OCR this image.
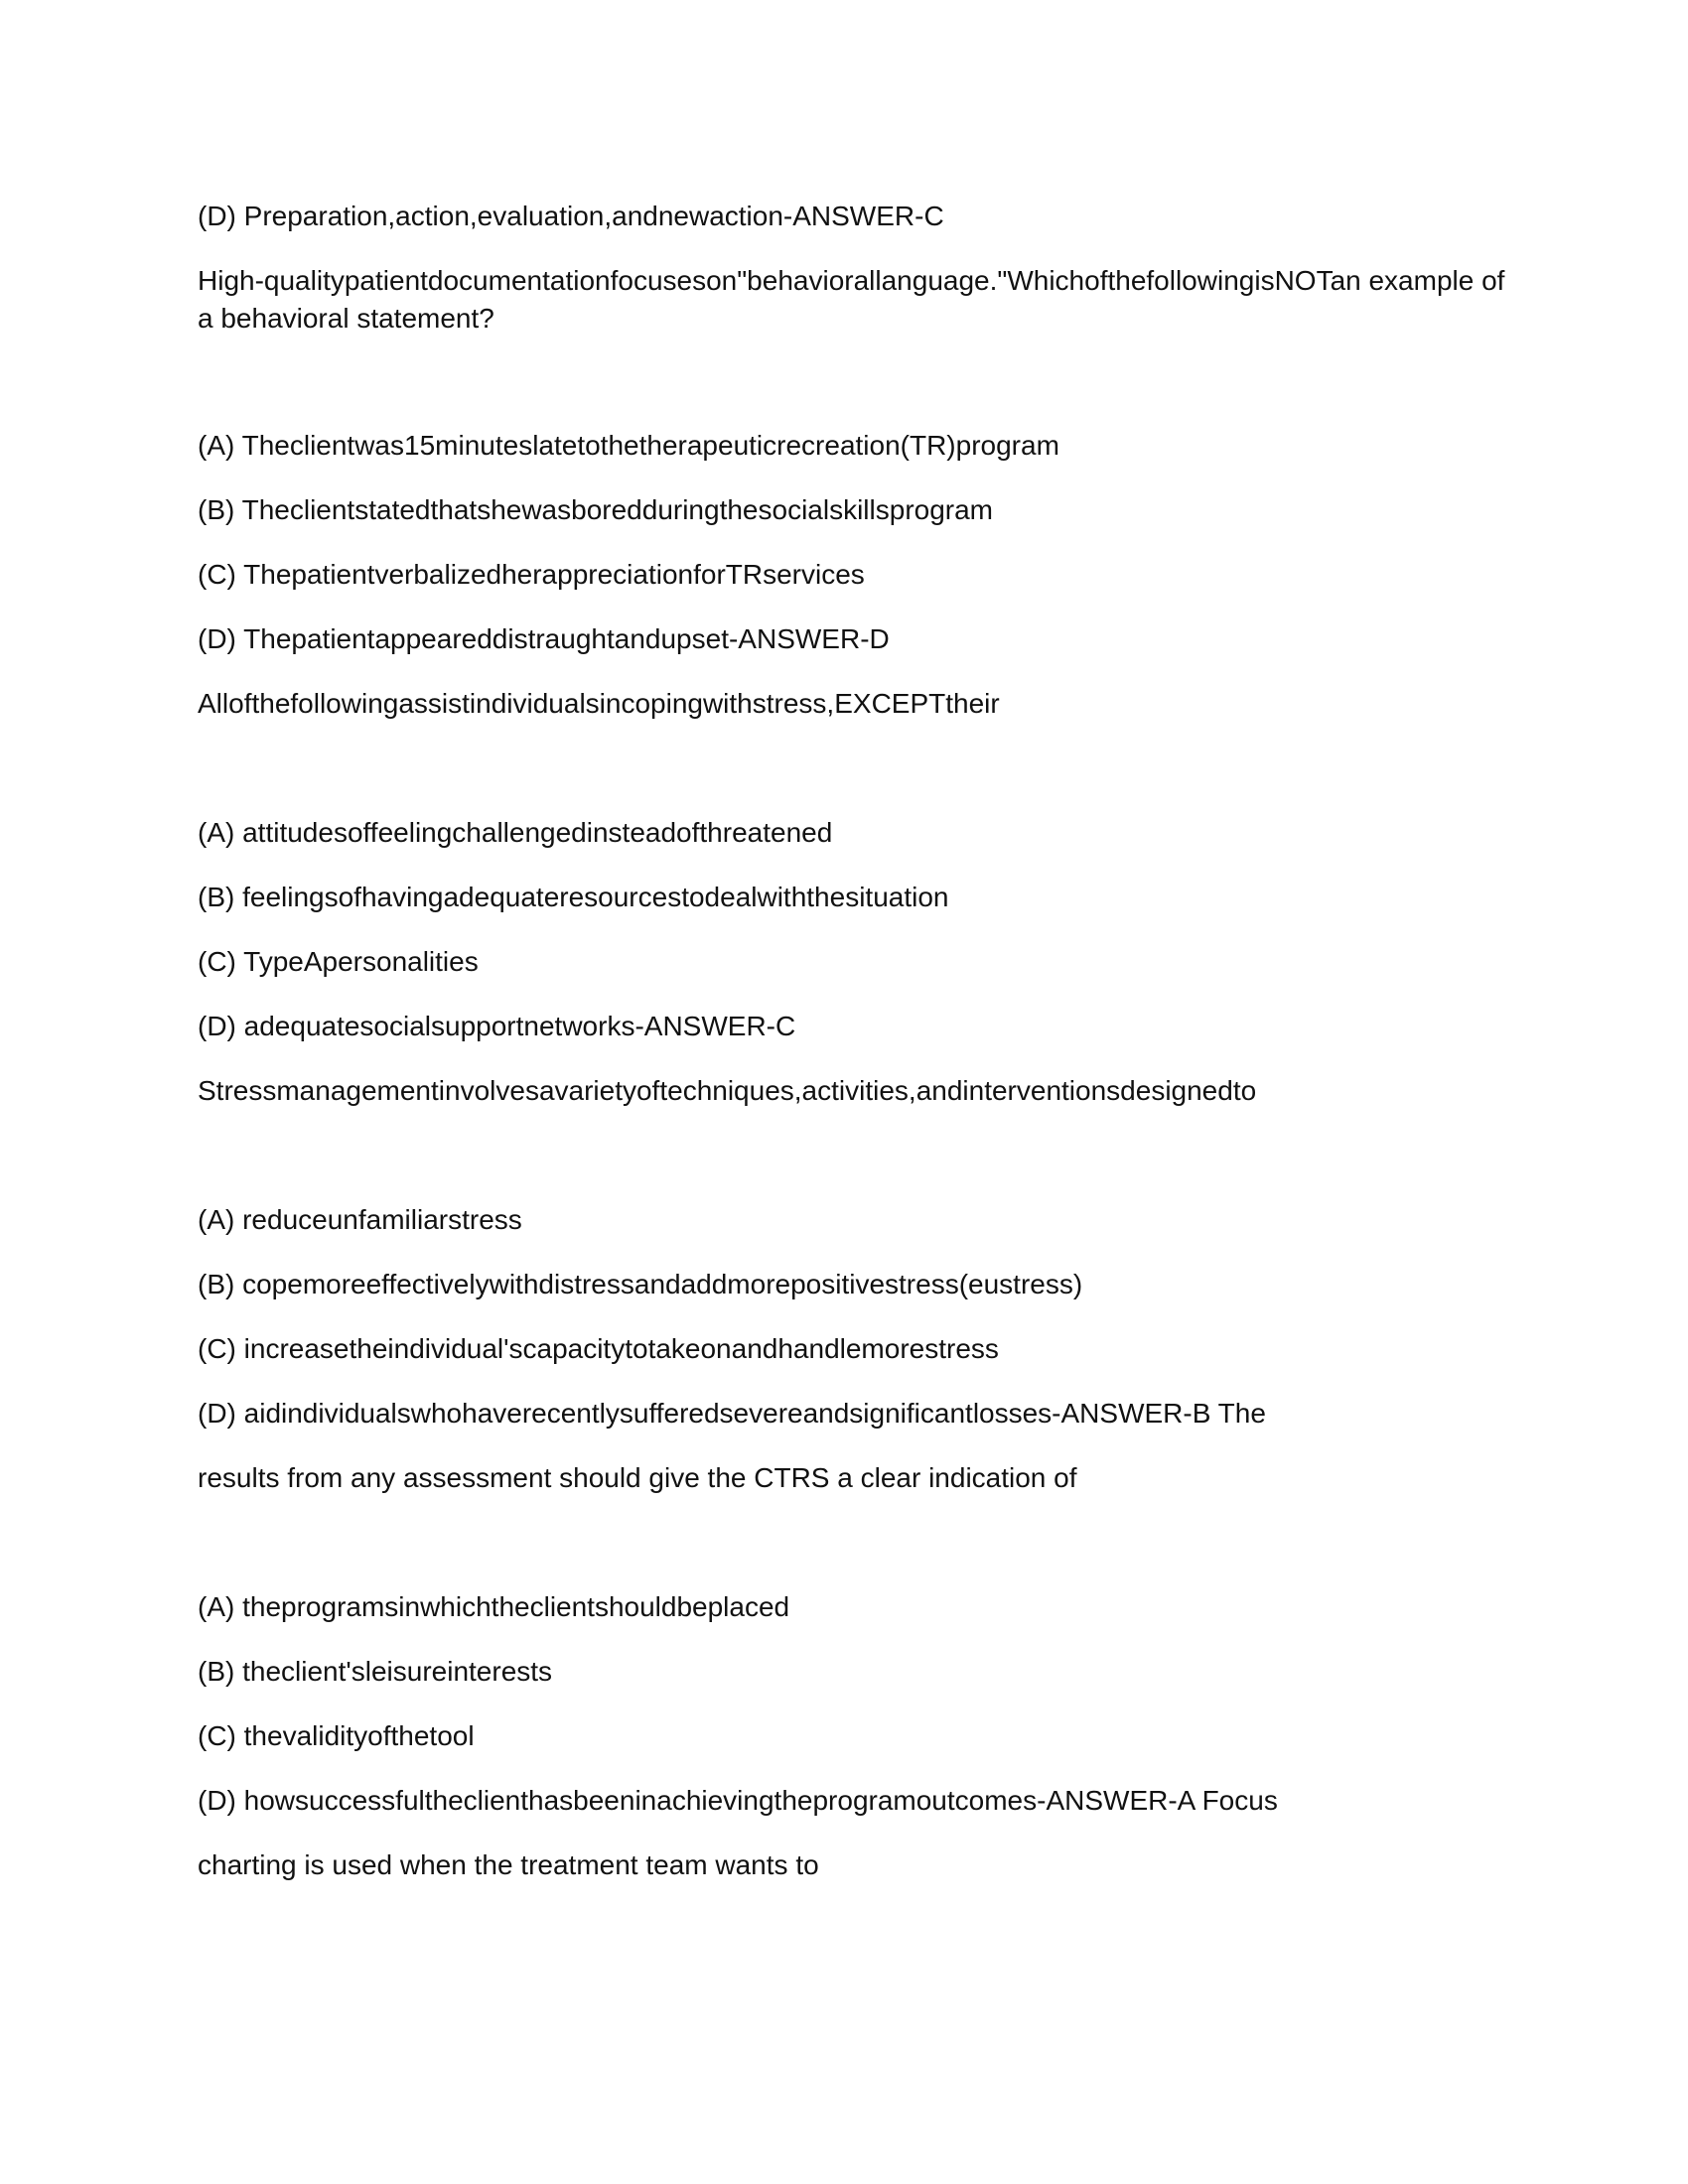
(D) Preparation,action,evaluation,andnewaction-ANSWER-C
High-qualitypatientdocumentationfocuseson"behaviorallanguage."WhichofthefollowingisNOTan example of a behavioral statement?
(A) Theclientwas15minuteslatetothetherapeuticrecreation(TR)program
(B) Theclientstatedthatshewasboredduringthesocialskillsprogram
(C) ThepatientverbalizedherappreciationforTRservices
(D) Thepatientappeareddistraughtandupset-ANSWER-D
Allofthefollowingassistindividualsincopingwithstress,EXCEPTtheir
(A) attitudesoffeelingchallengedinsteadofthreatened
(B) feelingsofhavingadequateresourcestodealwiththesituation
(C) TypeApersonalities
(D) adequatesocialsupportnetworks-ANSWER-C
Stressmanagementinvolvesavarietyoftechniques,activities,andinterventionsdesignedto
(A) reduceunfamiliarstress
(B) copemoreeffectivelywithdistressandaddmorepositivestress(eustress)
(C) increasetheindividual'scapacitytotakeonandhandlemorestress
(D) aidindividualswhohaverecentlysufferedsevereandsignificantlosses-ANSWER-B The
results from any assessment should give the CTRS a clear indication of
(A) theprogramsinwhichtheclientshouldbeplaced
(B) theclient'sleisureinterests
(C) thevalidityofthetool
(D) howsuccessfultheclienthasbeeninachievingtheprogramoutcomes-ANSWER-A Focus
charting is used when the treatment team wants to
